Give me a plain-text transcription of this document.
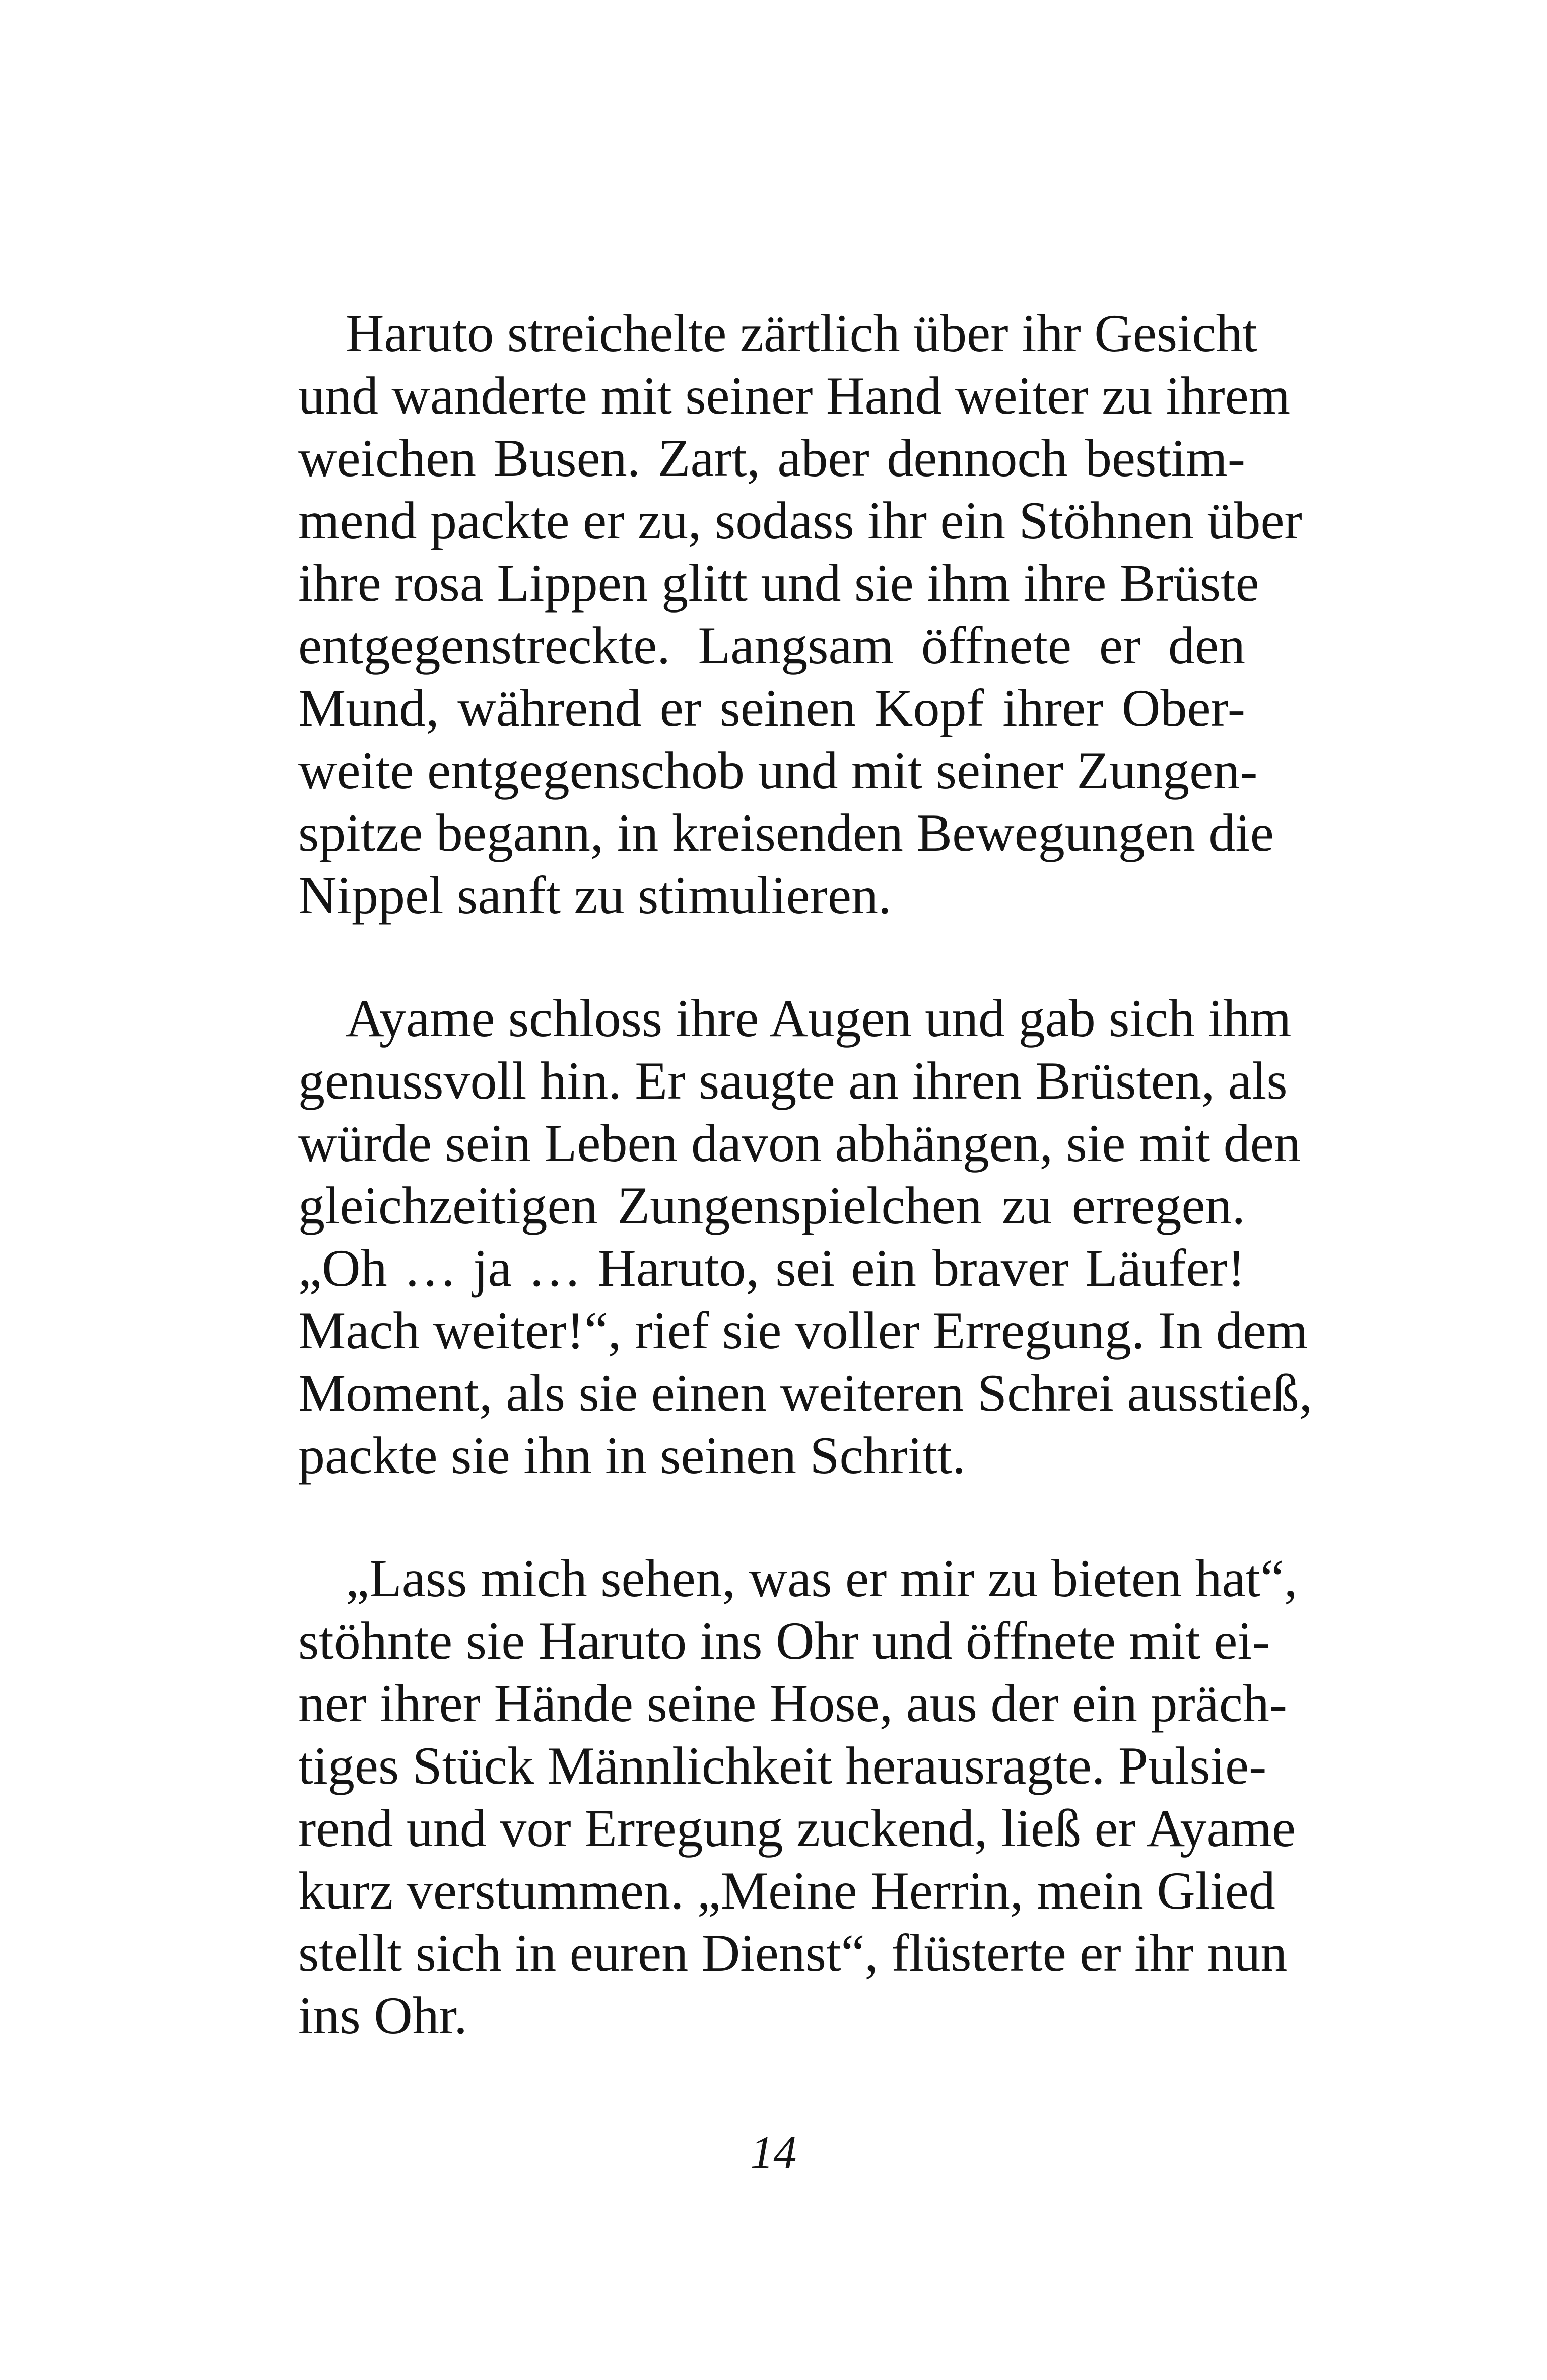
Haruto streichelte zärtlich über ihr Gesicht
und wanderte mit seiner Hand weiter zu ihrem
weichen Busen. Zart, aber dennoch bestim-
mend packte er zu, sodass ihr ein Stöhnen über
ihre rosa Lippen glitt und sie ihm ihre Brüste
entgegenstreckte. Langsam öffnete er den
Mund, während er seinen Kopf ihrer Ober-
weite entgegenschob und mit seiner Zungen-
spitze begann, in kreisenden Bewegungen die
Nippel sanft zu stimulieren.
Ayame schloss ihre Augen und gab sich ihm
genussvoll hin. Er saugte an ihren Brüsten, als
würde sein Leben davon abhängen, sie mit den
gleichzeitigen Zungenspielchen zu erregen.
„Oh … ja … Haruto, sei ein braver Läufer!
Mach weiter!“, rief sie voller Erregung. In dem
Moment, als sie einen weiteren Schrei ausstieß,
packte sie ihn in seinen Schritt.
„Lass mich sehen, was er mir zu bieten hat“,
stöhnte sie Haruto ins Ohr und öffnete mit ei-
ner ihrer Hände seine Hose, aus der ein präch-
tiges Stück Männlichkeit herausragte. Pulsie-
rend und vor Erregung zuckend, ließ er Ayame
kurz verstummen. „Meine Herrin, mein Glied
stellt sich in euren Dienst“, flüsterte er ihr nun
ins Ohr.
14
